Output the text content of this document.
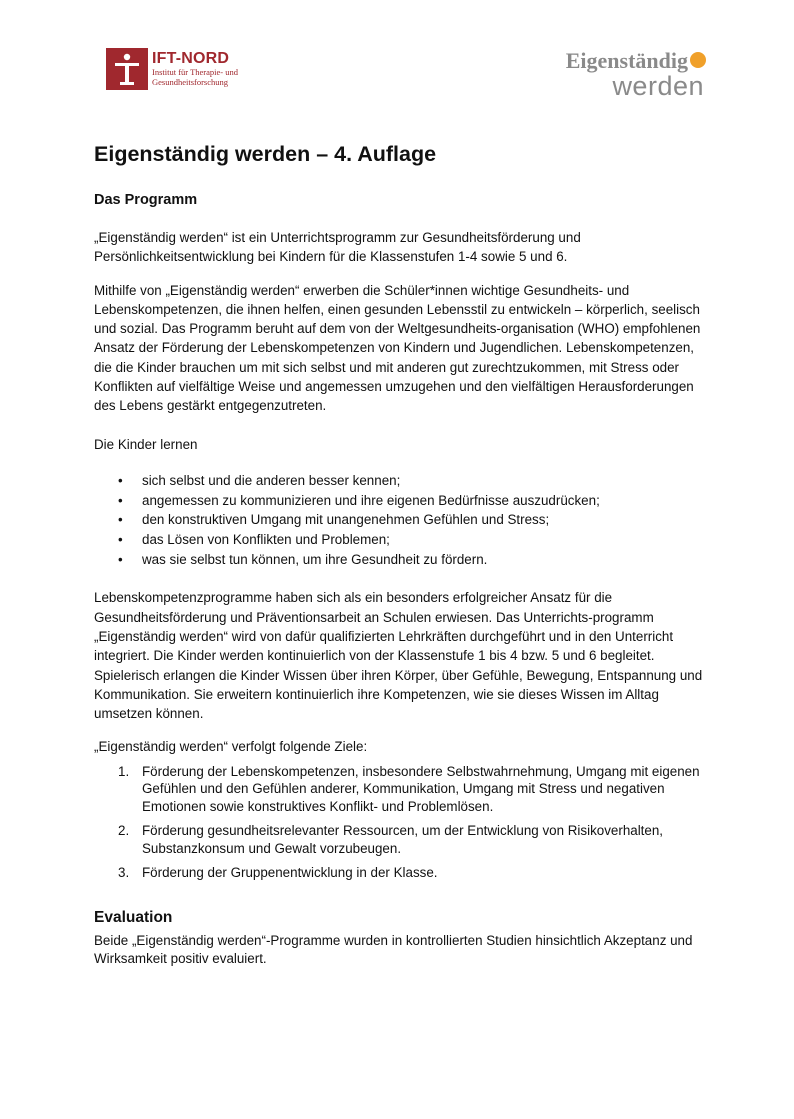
IFT-NORD
Institut für Therapie- und
Gesundheitsforschung
Eigenständig
werden
Eigenständig werden – 4. Auflage
Das Programm

„Eigenständig werden“ ist ein Unterrichtsprogramm zur Gesundheitsförderung und Persönlichkeitsentwicklung bei Kindern für die Klassenstufen 1-4 sowie 5 und 6.

Mithilfe von „Eigenständig werden“ erwerben die Schüler*innen wichtige Gesundheits- und Lebenskompetenzen, die ihnen helfen, einen gesunden Lebensstil zu entwickeln – körperlich, seelisch und sozial. Das Programm beruht auf dem von der Weltgesundheits-organisation (WHO) empfohlenen Ansatz der Förderung der Lebenskompetenzen von Kindern und Jugendlichen. Lebenskompetenzen, die die Kinder brauchen um mit sich selbst und mit anderen gut zurechtzukommen, mit Stress oder Konflikten auf vielfältige Weise und angemessen umzugehen und den vielfältigen Herausforderungen des Lebens gestärkt entgegenzutreten.

Die Kinder lernen

• sich selbst und die anderen besser kennen;
• angemessen zu kommunizieren und ihre eigenen Bedürfnisse auszudrücken;
• den konstruktiven Umgang mit unangenehmen Gefühlen und Stress;
• das Lösen von Konflikten und Problemen;
• was sie selbst tun können, um ihre Gesundheit zu fördern.

Lebenskompetenzprogramme haben sich als ein besonders erfolgreicher Ansatz für die Gesundheitsförderung und Präventionsarbeit an Schulen erwiesen. Das Unterrichts-programm „Eigenständig werden“ wird von dafür qualifizierten Lehrkräften durchgeführt und in den Unterricht integriert. Die Kinder werden kontinuierlich von der Klassenstufe 1 bis 4 bzw. 5 und 6 begleitet. Spielerisch erlangen die Kinder Wissen über ihren Körper, über Gefühle, Bewegung, Entspannung und Kommunikation. Sie erweitern kontinuierlich ihre Kompetenzen, wie sie dieses Wissen im Alltag umsetzen können.

„Eigenständig werden“ verfolgt folgende Ziele:

1. Förderung der Lebenskompetenzen, insbesondere Selbstwahrnehmung, Umgang mit eigenen Gefühlen und den Gefühlen anderer, Kommunikation, Umgang mit Stress und negativen Emotionen sowie konstruktives Konflikt- und Problemlösen.
2. Förderung gesundheitsrelevanter Ressourcen, um der Entwicklung von Risikoverhalten, Substanzkonsum und Gewalt vorzubeugen.
3. Förderung der Gruppenentwicklung in der Klasse.
Evaluation

Beide „Eigenständig werden“-Programme wurden in kontrollierten Studien hinsichtlich Akzeptanz und Wirksamkeit positiv evaluiert.
